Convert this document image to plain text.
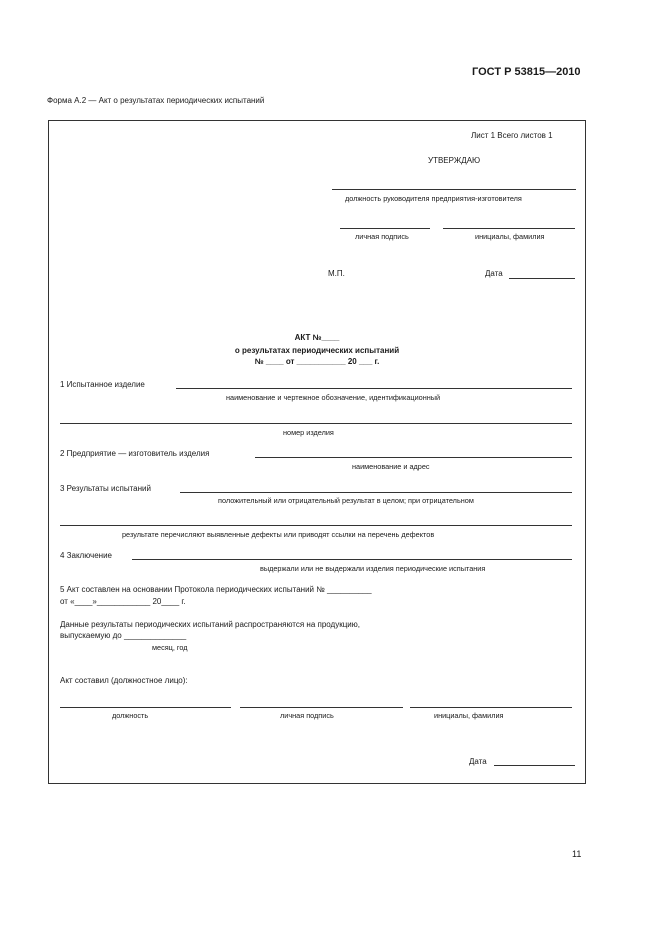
ГОСТ Р 53815—2010
Форма А.2 — Акт о результатах периодических испытаний
Лист 1 Всего листов 1
УТВЕРЖДАЮ
должность руководителя предприятия-изготовителя
личная подпись	инициалы, фамилия
М.П.	Дата
АКТ №____
о результатах периодических испытаний
№ ____ от ___________ 20 ___ г.
1 Испытанное изделие
наименование и чертежное обозначение, идентификационный
номер изделия
2 Предприятие — изготовитель изделия
наименование и адрес
3 Результаты испытаний
положительный или отрицательный результат в целом; при отрицательном
результате перечисляют выявленные дефекты или приводят ссылки на перечень дефектов
4 Заключение
выдержали или не выдержали изделия периодические испытания
5 Акт составлен на основании Протокола периодических испытаний № __________
от «____»____________ 20____ г.
Данные результаты периодических испытаний распространяются на продукцию,
выпускаемую до ______________
месяц, год
Акт составил (должностное лицо):
должность	личная подпись	инициалы, фамилия
Дата
11
